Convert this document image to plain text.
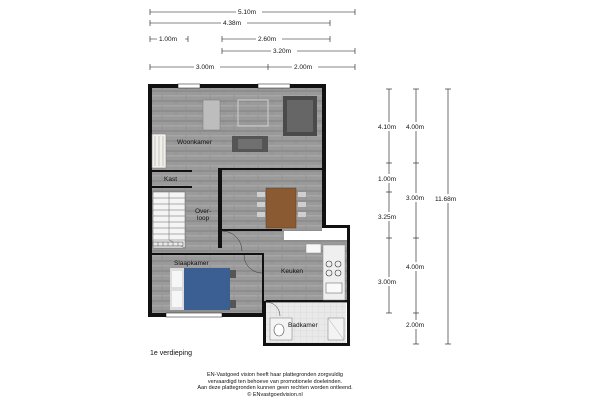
5.10m
4.38m
1.00m	2.60m
3.20m
3.00m	2.00m
4.10m
1.00m
3.25m
3.00m
4.00m
3.00m
4.00m
2.00m
11.68m
Woonkamer
Kast
Over-
loop
Slaapkamer
Keuken
Badkamer
1e verdieping
EN-Vastgoed vision heeft haar plattegronden zorgvuldig
vervaardigd ten behoeve van promotionele doeleinden.
Aan deze plattegronden kunnen geen rechten worden ontleend.
© ENvastgoedvision.nl
